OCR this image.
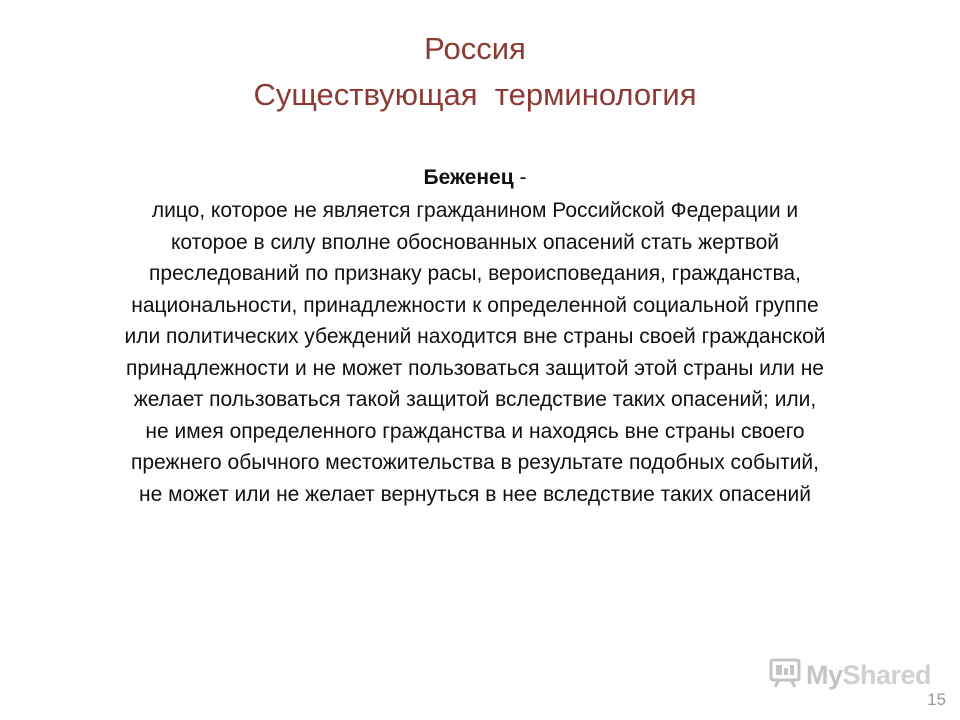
Россия
Существующая  терминология
Беженец -
лицо, которое не является гражданином Российской Федерации и
которое в силу вполне обоснованных опасений стать жертвой
преследований по признаку расы, вероисповедания, гражданства,
национальности, принадлежности к определенной социальной группе
или политических убеждений находится вне страны своей гражданской
принадлежности и не может пользоваться защитой этой страны или не
желает пользоваться такой защитой вследствие таких опасений; или,
не имея определенного гражданства и находясь вне страны своего
прежнего обычного местожительства в результате подобных событий,
не может или не желает вернуться в нее вследствие таких опасений
MyShared
15
